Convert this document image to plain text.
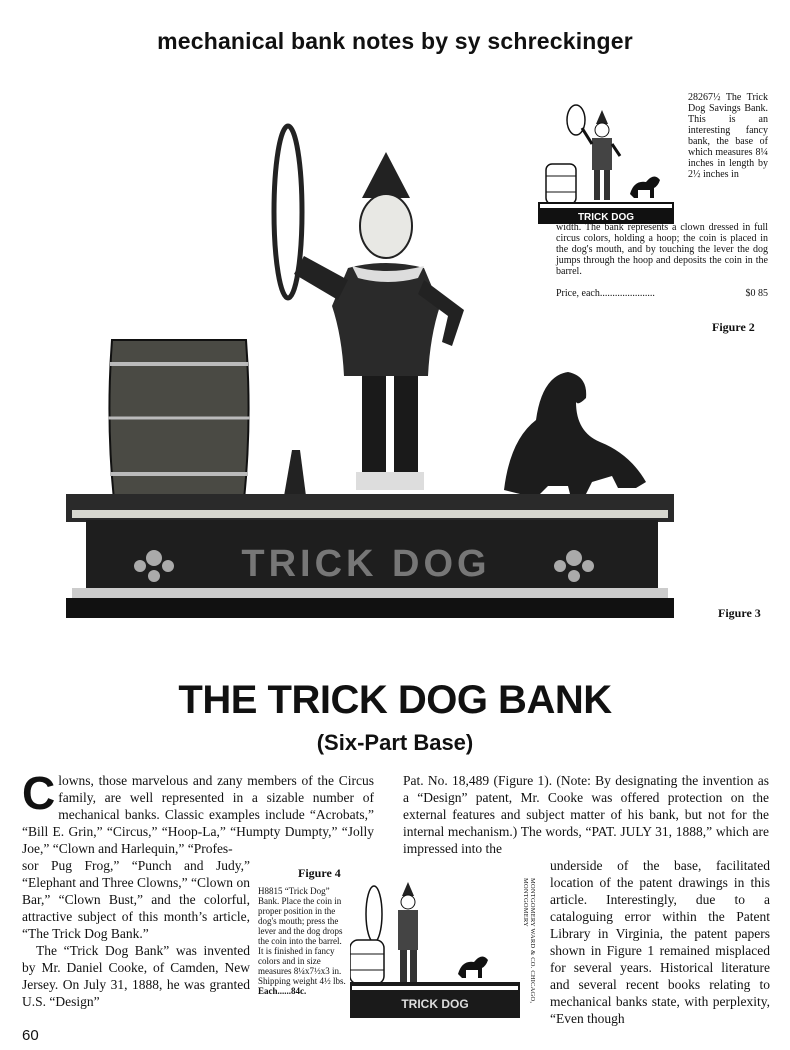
mechanical bank notes by sy schreckinger
TRICK DOG
28267½ The Trick Dog Savings Bank. This is an interesting fancy bank, the base of which measures 8¼ inches in length by 2½ inches in
width. The bank represents a clown dressed in full circus colors, holding a hoop; the coin is placed in the dog's mouth, and by touching the lever the dog jumps through the hoop and deposits the coin in the barrel.
Price, each......................	$0 85
Figure 2
TRICK DOG
Figure 3
THE TRICK DOG BANK
(Six-Part Base)
Clowns, those marvelous and zany members of the Circus family, are well represented in a sizable number of mechanical banks. Classic examples include “Acrobats,” “Bill E. Grin,” “Circus,” “Hoop-La,” “Humpty Dumpty,” “Jolly Joe,” “Clown and Harlequin,” “Profes-
sor Pug Frog,” “Punch and Judy,” “Elephant and Three Clowns,” “Clown on Bar,” “Clown Bust,” and the colorful, attractive subject of this month’s article, “The Trick Dog Bank.”
The “Trick Dog Bank” was invented by Mr. Daniel Cooke, of Camden, New Jersey. On July 31, 1888, he was granted U.S. “Design”
Pat. No. 18,489 (Figure 1). (Note: By designating the invention as a “Design” patent, Mr. Cooke was offered protection on the external features and subject matter of his bank, but not for the internal mechanism.) The words, “PAT. JULY 31, 1888,” which are impressed into the
underside of the base, facilitated location of the patent drawings in this article. Interestingly, due to a cataloguing error within the Patent Library in Virginia, the patent papers shown in Figure 1 remained misplaced for several years. Historical literature and several recent books relating to mechanical banks state, with perplexity, “Even though
Figure 4
H8815 “Trick Dog” Bank. Place the coin in proper position in the dog's mouth; press the lever and the dog drops the coin into the barrel. It is finished in fancy colors and in size measures 8¼x7½x3 in. Shipping weight 4½ lbs.
Each......84c.
TRICK DOG
MONTGOMERY WARD & CO. CHICAGO, MONTGOMERY
60
